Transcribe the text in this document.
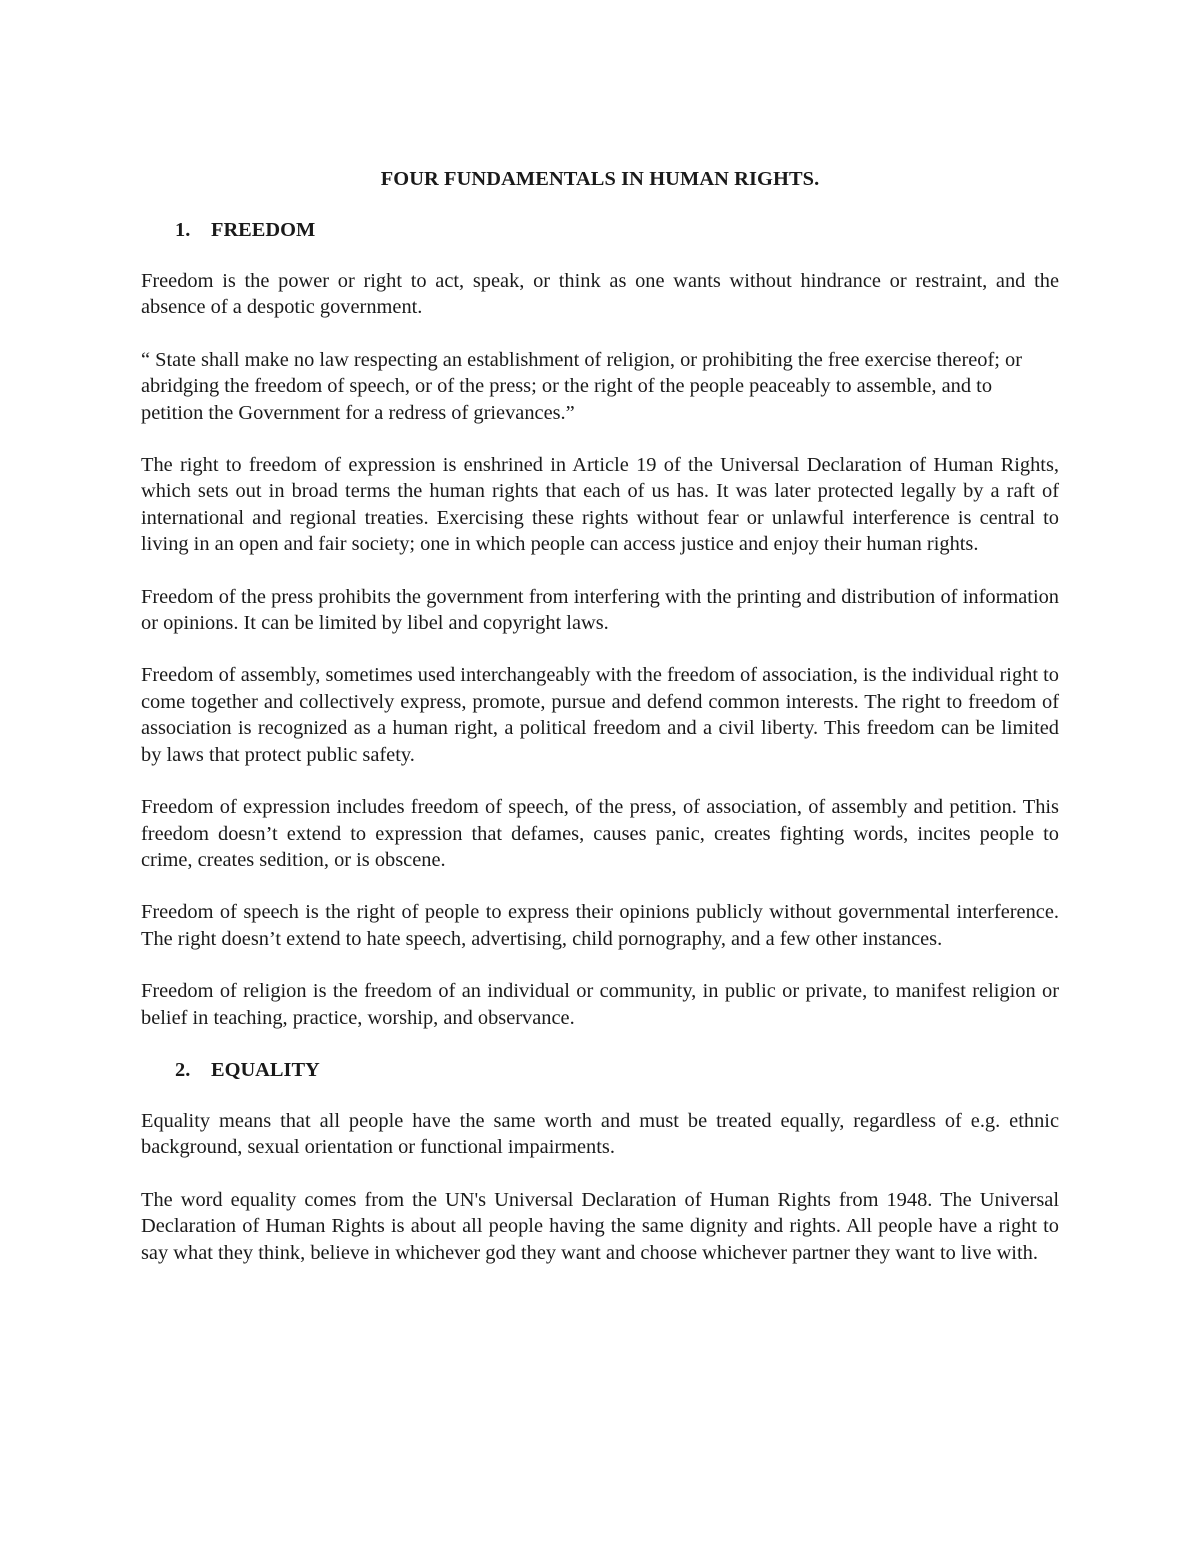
FOUR FUNDAMENTALS IN HUMAN RIGHTS.
1.	FREEDOM

Freedom is the power or right to act, speak, or think as one wants without hindrance or restraint, and the absence of a despotic government.

“ State shall make no law respecting an establishment of religion, or prohibiting the free exercise thereof; or abridging the freedom of speech, or of the press; or the right of the people peaceably to assemble, and to petition the Government for a redress of grievances.”

The right to freedom of expression is enshrined in Article 19 of the Universal Declaration of Human Rights, which sets out in broad terms the human rights that each of us has. It was later protected legally by a raft of international and regional treaties. Exercising these rights without fear or unlawful interference is central to living in an open and fair society; one in which people can access justice and enjoy their human rights.

Freedom of the press prohibits the government from interfering with the printing and distribution of information or opinions. It can be limited by libel and copyright laws.

Freedom of assembly, sometimes used interchangeably with the freedom of association, is the individual right to come together and collectively express, promote, pursue and defend common interests. The right to freedom of association is recognized as a human right, a political freedom and a civil liberty. This freedom can be limited by laws that protect public safety.

Freedom of expression includes freedom of speech, of the press, of association, of assembly and petition. This freedom doesn’t extend to expression that defames, causes panic, creates fighting words, incites people to crime, creates sedition, or is obscene.

Freedom of speech is the right of people to express their opinions publicly without governmental interference. The right doesn’t extend to hate speech, advertising, child pornography, and a few other instances.

Freedom of religion is the freedom of an individual or community, in public or private, to manifest religion or belief in teaching, practice, worship, and observance.

2.	EQUALITY

Equality means that all people have the same worth and must be treated equally, regardless of e.g. ethnic background, sexual orientation or functional impairments.

The word equality comes from the UN's Universal Declaration of Human Rights from 1948. The Universal Declaration of Human Rights is about all people having the same dignity and rights. All people have a right to say what they think, believe in whichever god they want and choose whichever partner they want to live with.
